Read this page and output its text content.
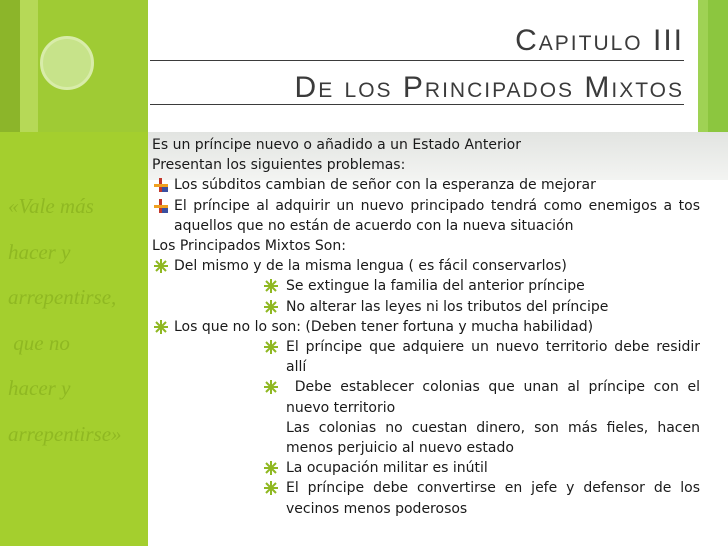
Capitulo III
De los Principados Mixtos
«Vale más
hacer y
arrepentirse,
que no
hacer y
arrepentirse»
Es un príncipe nuevo o añadido a un Estado Anterior
Presentan los siguientes problemas:
Los súbditos cambian de señor con la esperanza de mejorar
El príncipe al adquirir un nuevo principado tendrá como enemigos a tos aquellos que no están de acuerdo con la nueva situación
Los Principados Mixtos Son:
Del mismo y de la misma lengua ( es fácil conservarlos)
Se extingue la familia del anterior príncipe
No alterar las leyes ni los tributos del príncipe
Los que no lo son: (Deben tener fortuna y mucha habilidad)
El príncipe que adquiere un nuevo territorio debe residir allí
Debe establecer colonias que unan al príncipe con el nuevo territorio
Las colonias no cuestan dinero, son más fieles, hacen menos perjuicio al nuevo estado
La ocupación militar es inútil
El príncipe debe convertirse en jefe y defensor de los vecinos menos poderosos
